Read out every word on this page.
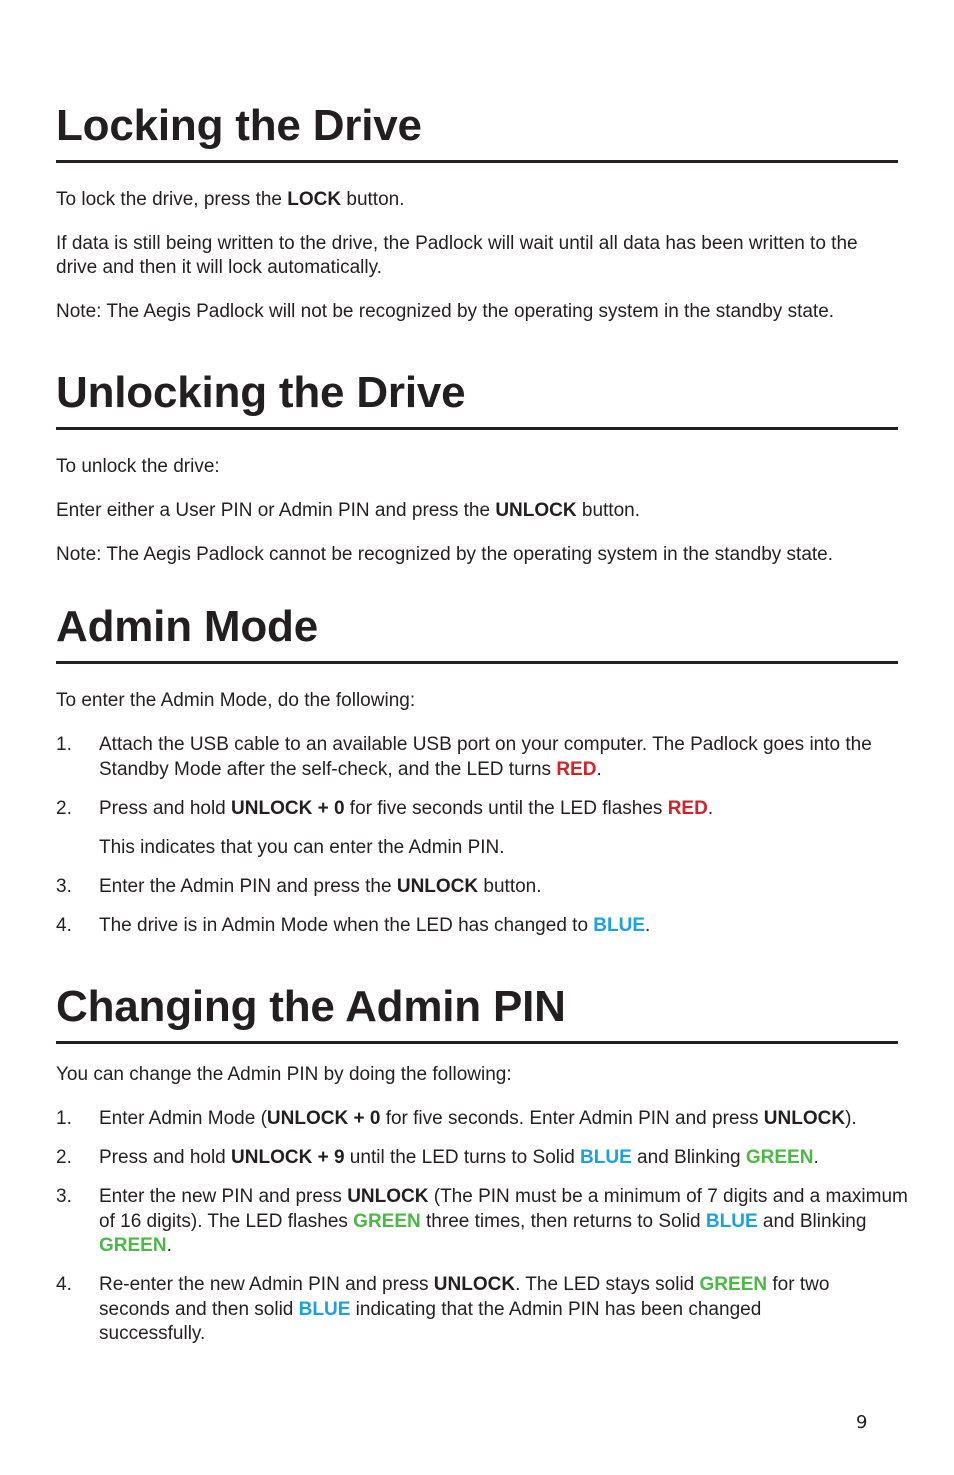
Locking the Drive

To lock the drive, press the LOCK button.

If data is still being written to the drive, the Padlock will wait until all data has been written to the drive and then it will lock automatically.

Note: The Aegis Padlock will not be recognized by the operating system in the standby state.

Unlocking the Drive

To unlock the drive:

Enter either a User PIN or Admin PIN and press the UNLOCK button.

Note: The Aegis Padlock cannot be recognized by the operating system in the standby state.

Admin Mode

To enter the Admin Mode, do the following:

1. Attach the USB cable to an available USB port on your computer. The Padlock goes into the Standby Mode after the self-check, and the LED turns RED.
2. Press and hold UNLOCK + 0 for five seconds until the LED flashes RED.
This indicates that you can enter the Admin PIN.
3. Enter the Admin PIN and press the UNLOCK button.
4. The drive is in Admin Mode when the LED has changed to BLUE.
Changing the Admin PIN

You can change the Admin PIN by doing the following:

1. Enter Admin Mode (UNLOCK + 0 for five seconds. Enter Admin PIN and press UNLOCK).
2. Press and hold UNLOCK + 9 until the LED turns to Solid BLUE and Blinking GREEN.
3. Enter the new PIN and press UNLOCK (The PIN must be a minimum of 7 digits and a maximum of 16 digits). The LED flashes GREEN three times, then returns to Solid BLUE and Blinking GREEN.
4. Re-enter the new Admin PIN and press UNLOCK. The LED stays solid GREEN for two seconds and then solid BLUE indicating that the Admin PIN has been changed successfully.
9
